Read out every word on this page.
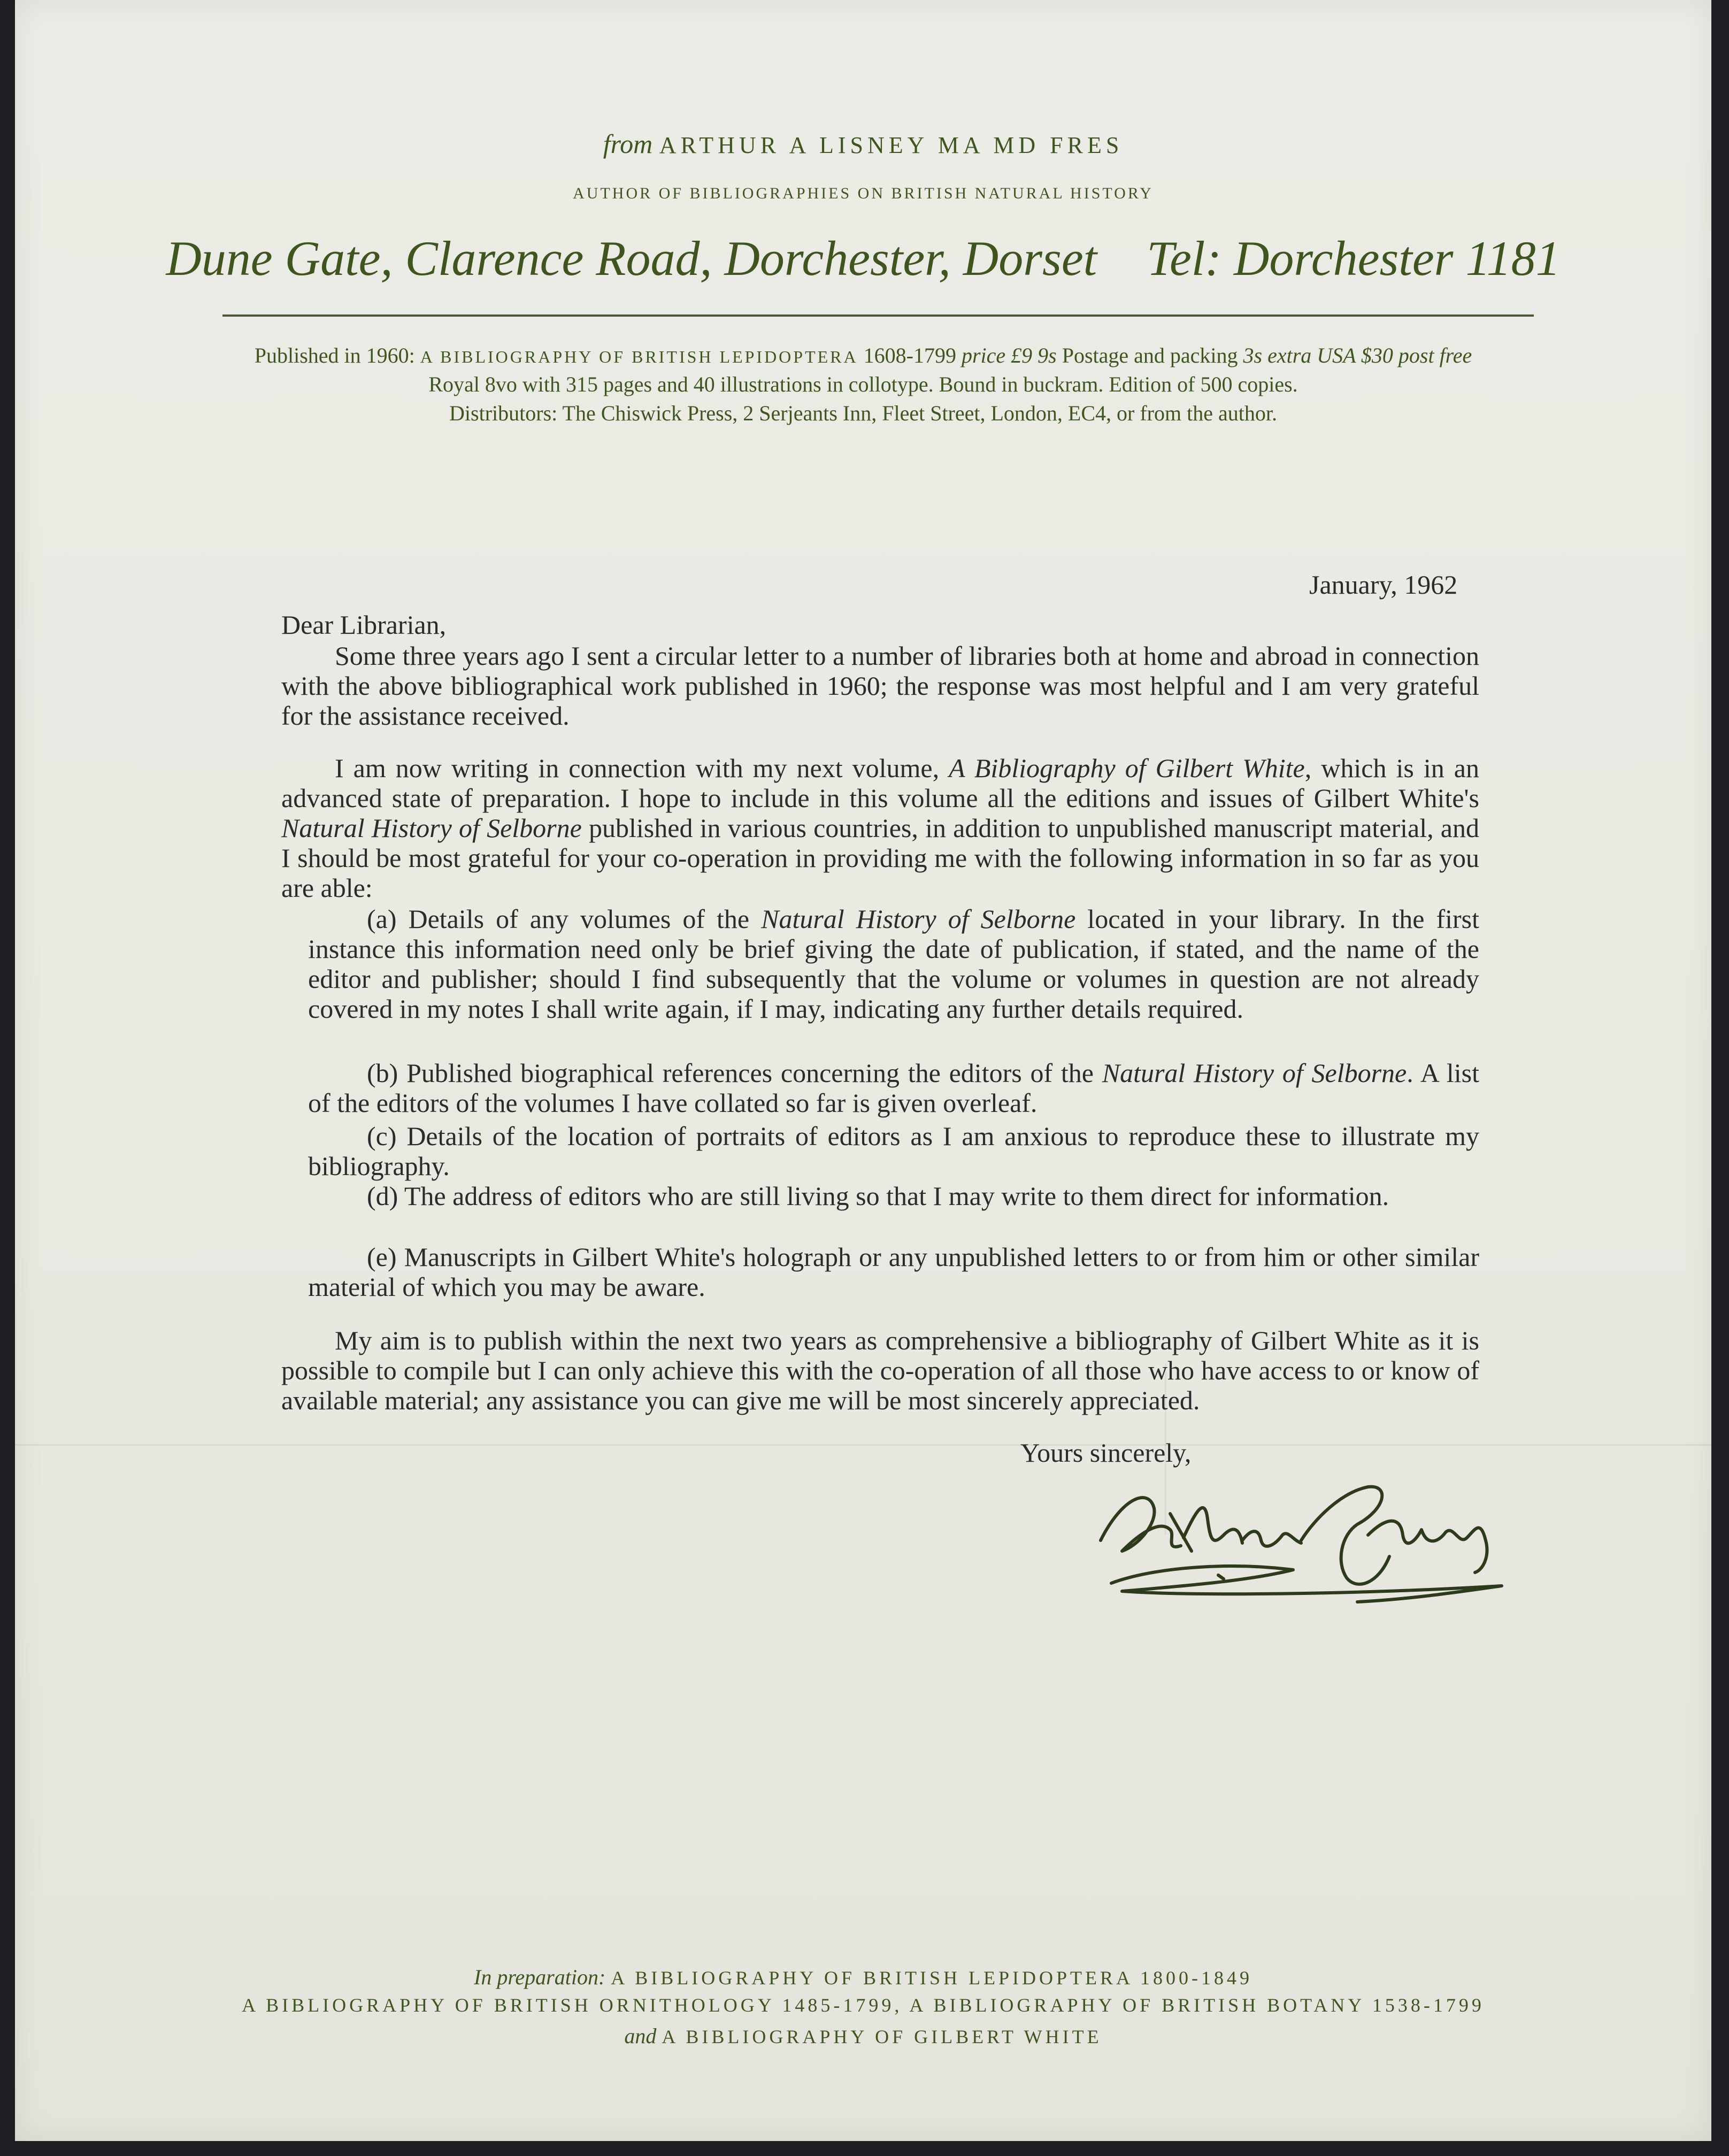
from ARTHUR A LISNEY MA MD FRES
AUTHOR OF BIBLIOGRAPHIES ON BRITISH NATURAL HISTORY
Dune Gate, Clarence Road, Dorchester, Dorset Tel: Dorchester 1181
Published in 1960: A BIBLIOGRAPHY OF BRITISH LEPIDOPTERA 1608-1799 price £9 9s Postage and packing 3s extra USA $30 post free
Royal 8vo with 315 pages and 40 illustrations in collotype. Bound in buckram. Edition of 500 copies.
Distributors: The Chiswick Press, 2 Serjeants Inn, Fleet Street, London, EC4, or from the author.
January, 1962
Dear Librarian,
Some three years ago I sent a circular letter to a number of libraries both at home and abroad in connection with the above bibliographical work published in 1960; the response was most helpful and I am very grateful for the assistance received.
I am now writing in connection with my next volume, A Bibliography of Gilbert White, which is in an advanced state of preparation. I hope to include in this volume all the editions and issues of Gilbert White's Natural History of Selborne published in various countries, in addition to unpublished manuscript material, and I should be most grateful for your co-operation in providing me with the following information in so far as you are able:
(a) Details of any volumes of the Natural History of Selborne located in your library. In the first instance this information need only be brief giving the date of publication, if stated, and the name of the editor and publisher; should I find subsequently that the volume or volumes in question are not already covered in my notes I shall write again, if I may, indicating any further details required.
(b) Published biographical references concerning the editors of the Natural History of Selborne. A list of the editors of the volumes I have collated so far is given overleaf.
(c) Details of the location of portraits of editors as I am anxious to reproduce these to illustrate my bibliography.
(d) The address of editors who are still living so that I may write to them direct for information.
(e) Manuscripts in Gilbert White's holograph or any unpublished letters to or from him or other similar material of which you may be aware.
My aim is to publish within the next two years as comprehensive a bibliography of Gilbert White as it is possible to compile but I can only achieve this with the co-operation of all those who have access to or know of available material; any assistance you can give me will be most sincerely appreciated.
Yours sincerely,
In preparation: A BIBLIOGRAPHY OF BRITISH LEPIDOPTERA 1800-1849
A BIBLIOGRAPHY OF BRITISH ORNITHOLOGY 1485-1799, A BIBLIOGRAPHY OF BRITISH BOTANY 1538-1799
and A BIBLIOGRAPHY OF GILBERT WHITE
